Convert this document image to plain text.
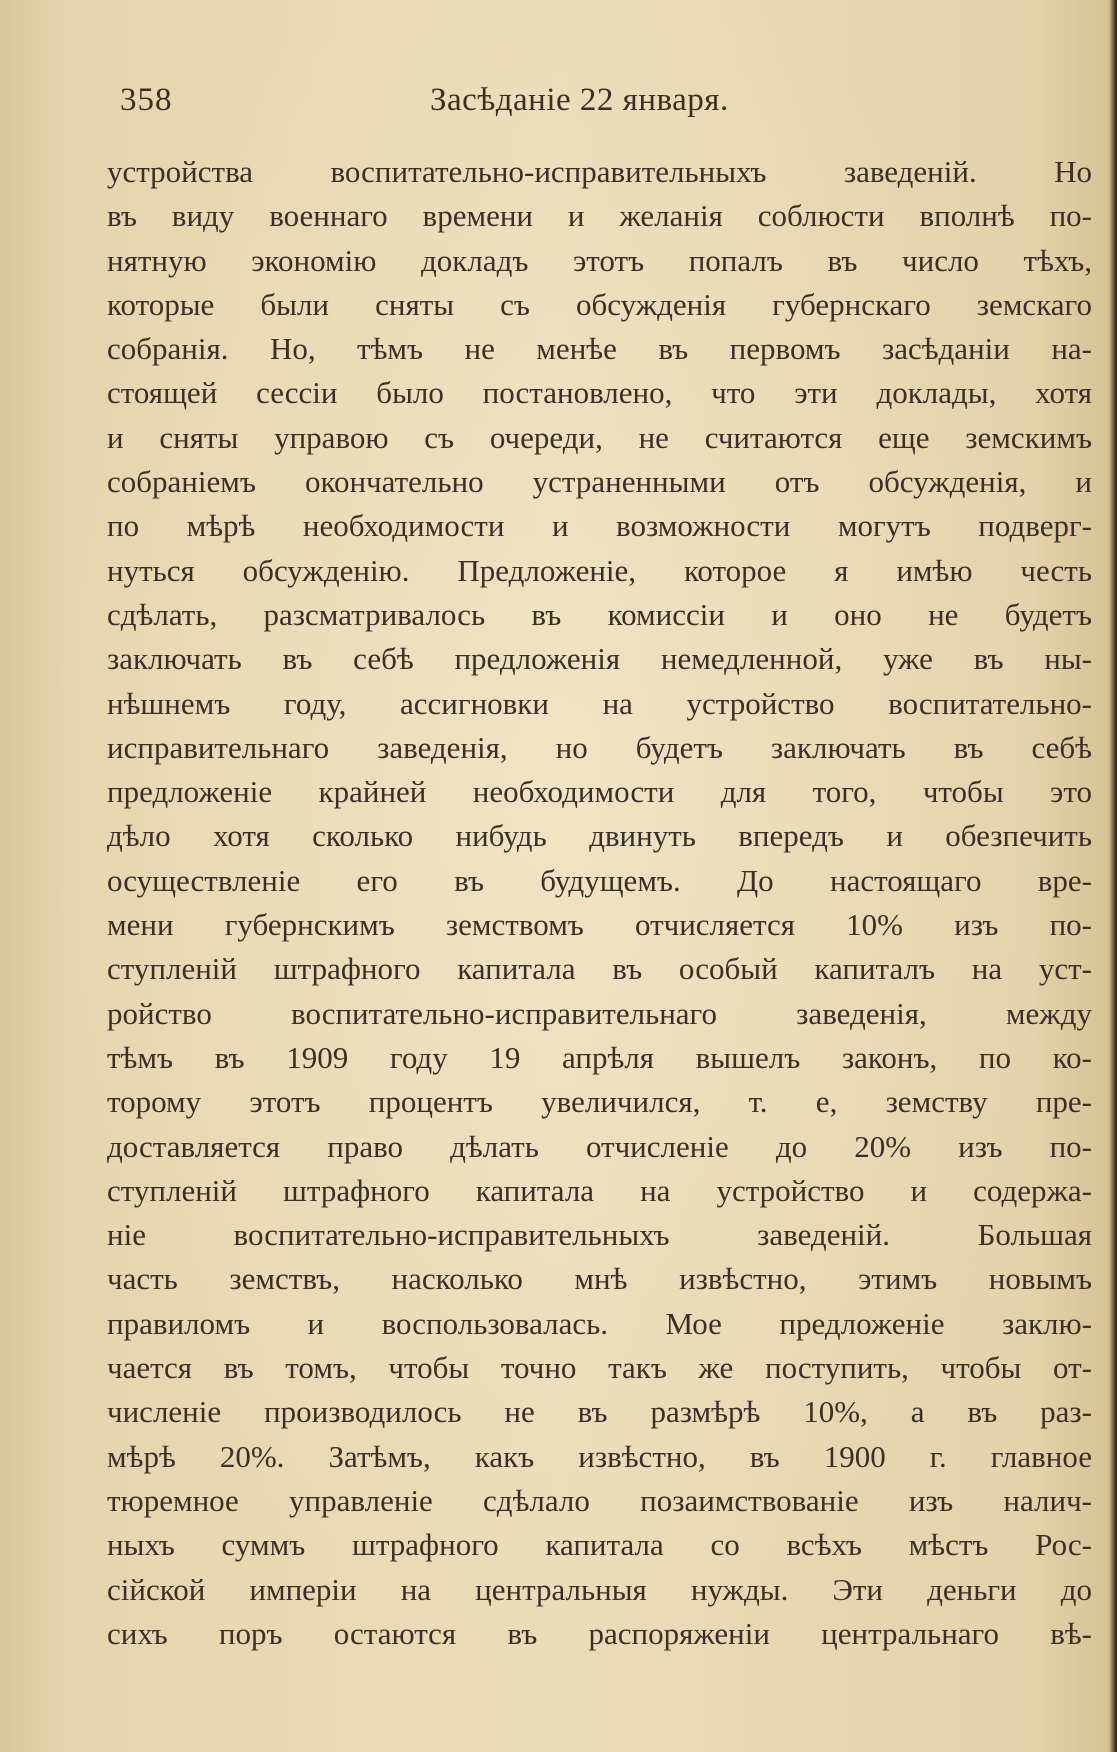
358	Засѣданіе 22 января.
устройства воспитательно-исправительныхъ заведеній. Но
въ виду военнаго времени и желанія соблюсти вполнѣ по-
нятную экономію докладъ этотъ попалъ въ число тѣхъ,
которые были сняты съ обсужденія губернскаго земскаго
собранія. Но, тѣмъ не менѣе въ первомъ засѣданіи на-
стоящей сессіи было постановлено, что эти доклады, хотя
и сняты управою съ очереди, не считаются еще земскимъ
собраніемъ окончательно устраненными отъ обсужденія, и
по мѣрѣ необходимости и возможности могутъ подверг-
нуться обсужденію. Предложеніе, которое я имѣю честь
сдѣлать, разсматривалось въ комиссіи и оно не будетъ
заключать въ себѣ предложенія немедленной, уже въ ны-
нѣшнемъ году, ассигновки на устройство воспитательно-
исправительнаго заведенія, но будетъ заключать въ себѣ
предложеніе крайней необходимости для того, чтобы это
дѣло хотя сколько нибудь двинуть впередъ и обезпечить
осуществленіе его въ будущемъ. До настоящаго вре-
мени губернскимъ земствомъ отчисляется 10% изъ по-
ступленій штрафного капитала въ особый капиталъ на уст-
ройство воспитательно-исправительнаго заведенія, между
тѣмъ въ 1909 году 19 апрѣля вышелъ законъ, по ко-
торому этотъ процентъ увеличился, т. е, земству пре-
доставляется право дѣлать отчисленіе до 20% изъ по-
ступленій штрафного капитала на устройство и содержа-
ніе воспитательно-исправительныхъ заведеній. Большая
часть земствъ, насколько мнѣ извѣстно, этимъ новымъ
правиломъ и воспользовалась. Мое предложеніе заклю-
чается въ томъ, чтобы точно такъ же поступить, чтобы от-
численіе производилось не въ размѣрѣ 10%, а въ раз-
мѣрѣ 20%. Затѣмъ, какъ извѣстно, въ 1900 г. главное
тюремное управленіе сдѣлало позаимствованіе изъ налич-
ныхъ суммъ штрафного капитала со всѣхъ мѣстъ Рос-
сійской имперіи на центральныя нужды. Эти деньги до
сихъ поръ остаются въ распоряженіи центральнаго вѣ-
